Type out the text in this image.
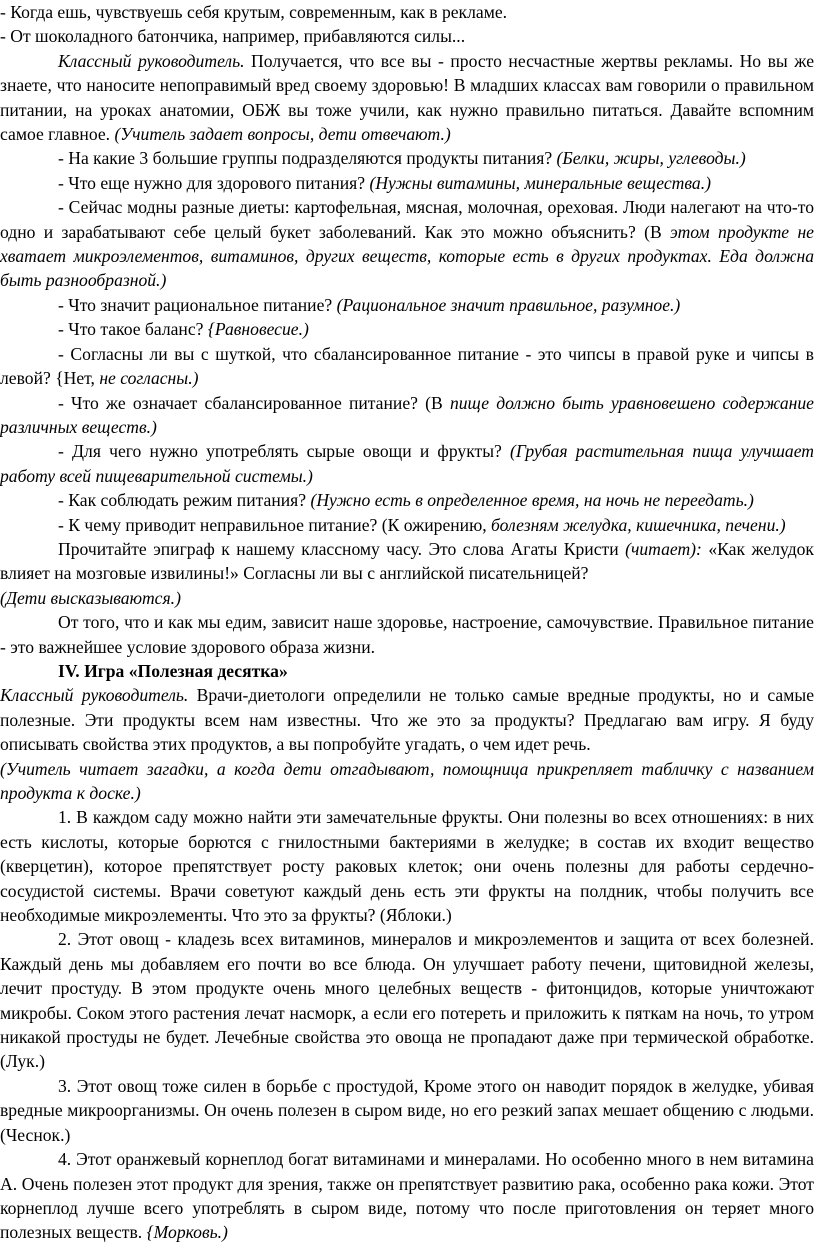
- Когда ешь, чувствуешь себя крутым, современным, как в рекламе.

- От шоколадного батончика, например, прибавляются силы...

Классный руководитель. Получается, что все вы - просто несчастные жертвы рекламы. Но вы же знаете, что наносите непоправимый вред своему здоровью! В младших классах вам говорили о правильном питании, на уроках анатомии, ОБЖ вы тоже учили, как нужно правильно питаться. Давайте вспомним самое главное. (Учитель задает вопросы, дети отвечают.)

- На какие 3 большие группы подразделяются продукты питания? (Белки, жиры, углеводы.)

- Что еще нужно для здорового питания? (Нужны витамины, минеральные вещества.)

- Сейчас модны разные диеты: картофельная, мясная, молочная, ореховая. Люди налегают на что-то одно и зарабатывают себе целый букет заболеваний. Как это можно объяснить? (В этом продукте не хватает микроэлементов, витаминов, других веществ, которые есть в других продуктах. Еда должна быть разнообразной.)

- Что значит рациональное питание? (Рациональное значит правильное, разумное.)

- Что такое баланс? {Равновесие.)

- Согласны ли вы с шуткой, что сбалансированное питание - это чипсы в правой руке и чипсы в левой? {Нет, не согласны.)

- Что же означает сбалансированное питание? (В пище должно быть уравновешено содержание различных веществ.)

- Для чего нужно употреблять сырые овощи и фрукты? (Грубая растительная пища улучшает работу всей пищеварительной системы.)

- Как соблюдать режим питания? (Нужно есть в определенное время, на ночь не переедать.)

- К чему приводит неправильное питание? (К ожирению, болезням желудка, кишечника, печени.)

Прочитайте эпиграф к нашему классному часу. Это слова Агаты Кристи (читает): «Как желудок влияет на мозговые извилины!» Согласны ли вы с английской писательницей?

(Дети высказываются.)

От того, что и как мы едим, зависит наше здоровье, настроение, самочувствие. Правильное питание - это важнейшее условие здорового образа жизни.

IV. Игра «Полезная десятка»

Классный руководитель. Врачи-диетологи определили не только самые вредные продукты, но и самые полезные. Эти продукты всем нам известны. Что же это за продукты? Предлагаю вам игру. Я буду описывать свойства этих продуктов, а вы попробуйте угадать, о чем идет речь.

(Учитель читает загадки, а когда дети отгадывают, помощница прикрепляет табличку с названием продукта к доске.)

1. В каждом саду можно найти эти замечательные фрукты. Они полезны во всех отношениях: в них есть кислоты, которые борются с гнилостными бактериями в желудке; в состав их входит вещество (кверцетин), которое препятствует росту раковых клеток; они очень полезны для работы сердечно-сосудистой системы. Врачи советуют каждый день есть эти фрукты на полдник, чтобы получить все необходимые микроэлементы. Что это за фрукты? (Яблоки.)

2. Этот овощ - кладезь всех витаминов, минералов и микроэлементов и защита от всех болезней. Каждый день мы добавляем его почти во все блюда. Он улучшает работу печени, щитовидной железы, лечит простуду. В этом продукте очень много целебных веществ - фитонцидов, которые уничтожают микробы. Соком этого растения лечат насморк, а если его потереть и приложить к пяткам на ночь, то утром никакой простуды не будет. Лечебные свойства это овоща не пропадают даже при термической обработке. (Лук.)

3. Этот овощ тоже силен в борьбе с простудой, Кроме этого он наводит порядок в желудке, убивая вредные микроорганизмы. Он очень полезен в сыром виде, но его резкий запах мешает общению с людьми. (Чеснок.)

4. Этот оранжевый корнеплод богат витаминами и минералами. Но особенно много в нем витамина А. Очень полезен этот продукт для зрения, также он препятствует развитию рака, особенно рака кожи. Этот корнеплод лучше всего употреблять в сыром виде, потому что после приготовления он теряет много полезных веществ. {Морковь.)
